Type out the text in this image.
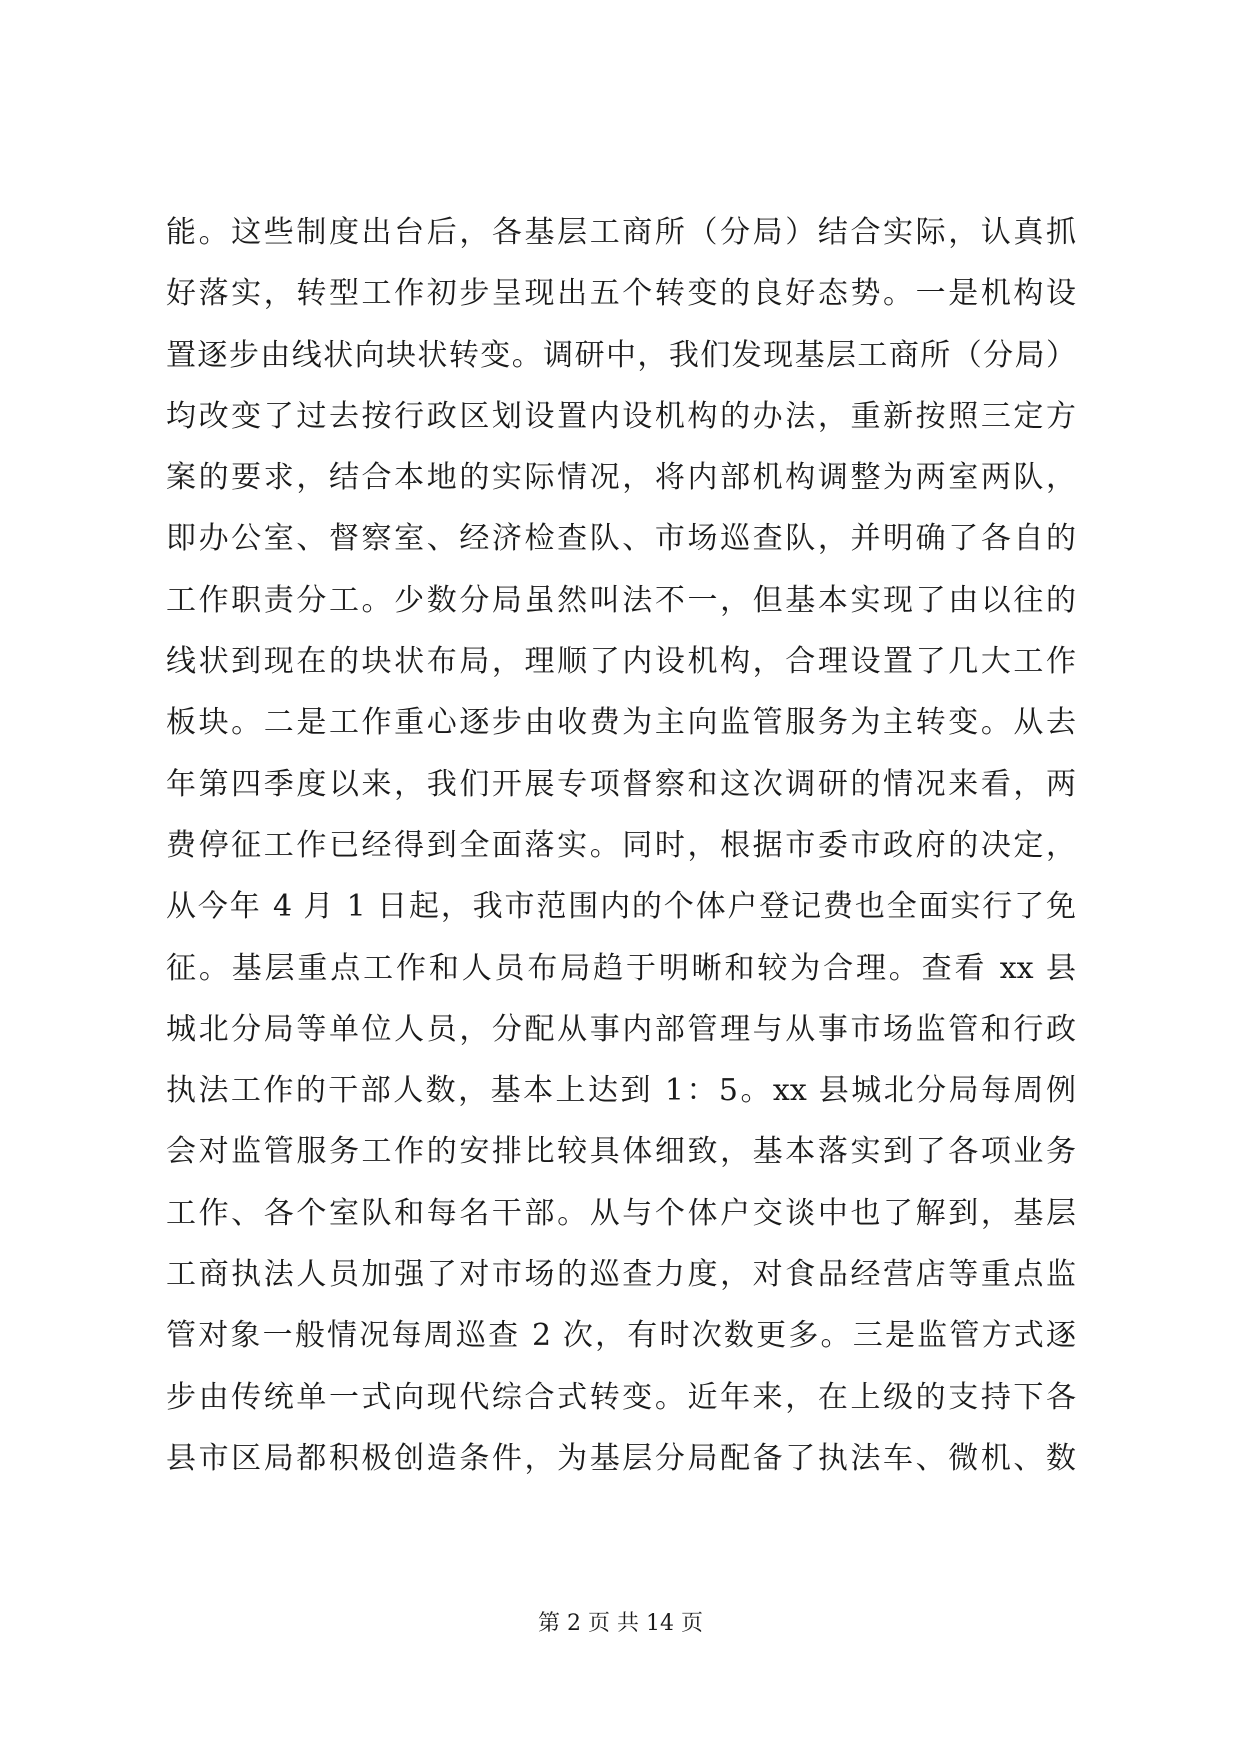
能。这些制度出台后，各基层工商所（分局）结合实际，认真抓
好落实，转型工作初步呈现出五个转变的良好态势。一是机构设
置逐步由线状向块状转变。调研中，我们发现基层工商所（分局）
均改变了过去按行政区划设置内设机构的办法，重新按照三定方
案的要求，结合本地的实际情况，将内部机构调整为两室两队，
即办公室、督察室、经济检查队、市场巡查队，并明确了各自的
工作职责分工。少数分局虽然叫法不一，但基本实现了由以往的
线状到现在的块状布局，理顺了内设机构，合理设置了几大工作
板块。二是工作重心逐步由收费为主向监管服务为主转变。从去
年第四季度以来，我们开展专项督察和这次调研的情况来看，两
费停征工作已经得到全面落实。同时，根据市委市政府的决定，
从今年 4 月 1 日起，我市范围内的个体户登记费也全面实行了免
征。基层重点工作和人员布局趋于明晰和较为合理。查看 xx 县
城北分局等单位人员，分配从事内部管理与从事市场监管和行政
执法工作的干部人数，基本上达到 1：5。xx 县城北分局每周例
会对监管服务工作的安排比较具体细致，基本落实到了各项业务
工作、各个室队和每名干部。从与个体户交谈中也了解到，基层
工商执法人员加强了对市场的巡查力度，对食品经营店等重点监
管对象一般情况每周巡查 2 次，有时次数更多。三是监管方式逐
步由传统单一式向现代综合式转变。近年来，在上级的支持下各
县市区局都积极创造条件，为基层分局配备了执法车、微机、数
第 2 页 共 14 页
